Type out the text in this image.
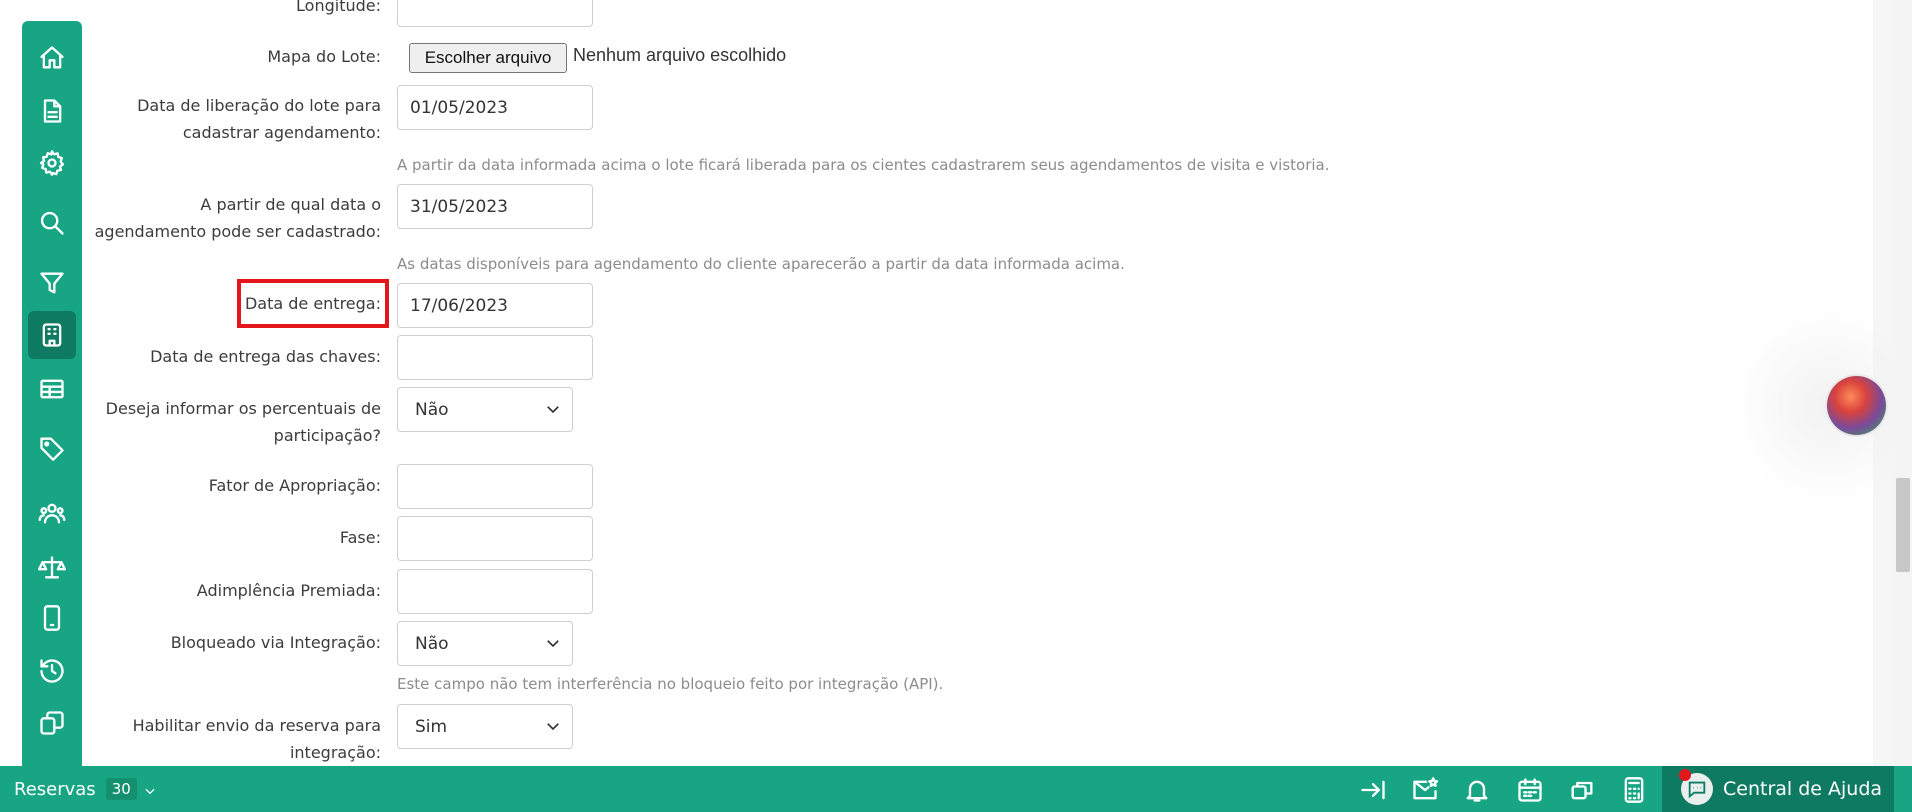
Longitude:
Mapa do Lote:	Escolher arquivo	Nenhum arquivo escolhido
Data de liberação do lote para
cadastrar agendamento:
01/05/2023
A partir da data informada acima o lote ficará liberada para os cientes cadastrarem seus agendamentos de visita e vistoria.
A partir de qual data o
agendamento pode ser cadastrado:
31/05/2023
As datas disponíveis para agendamento do cliente aparecerão a partir da data informada acima.
Data de entrega:	17/06/2023
Data de entrega das chaves:
Deseja informar os percentuais de
participação?
Não
Fator de Apropriação:
Fase:
Adimplência Premiada:
Bloqueado via Integração: Não
Este campo não tem interferência no bloqueio feito por integração (API).
Habilitar envio da reserva para
integração:
Sim
Reservas	30	Central de Ajuda
